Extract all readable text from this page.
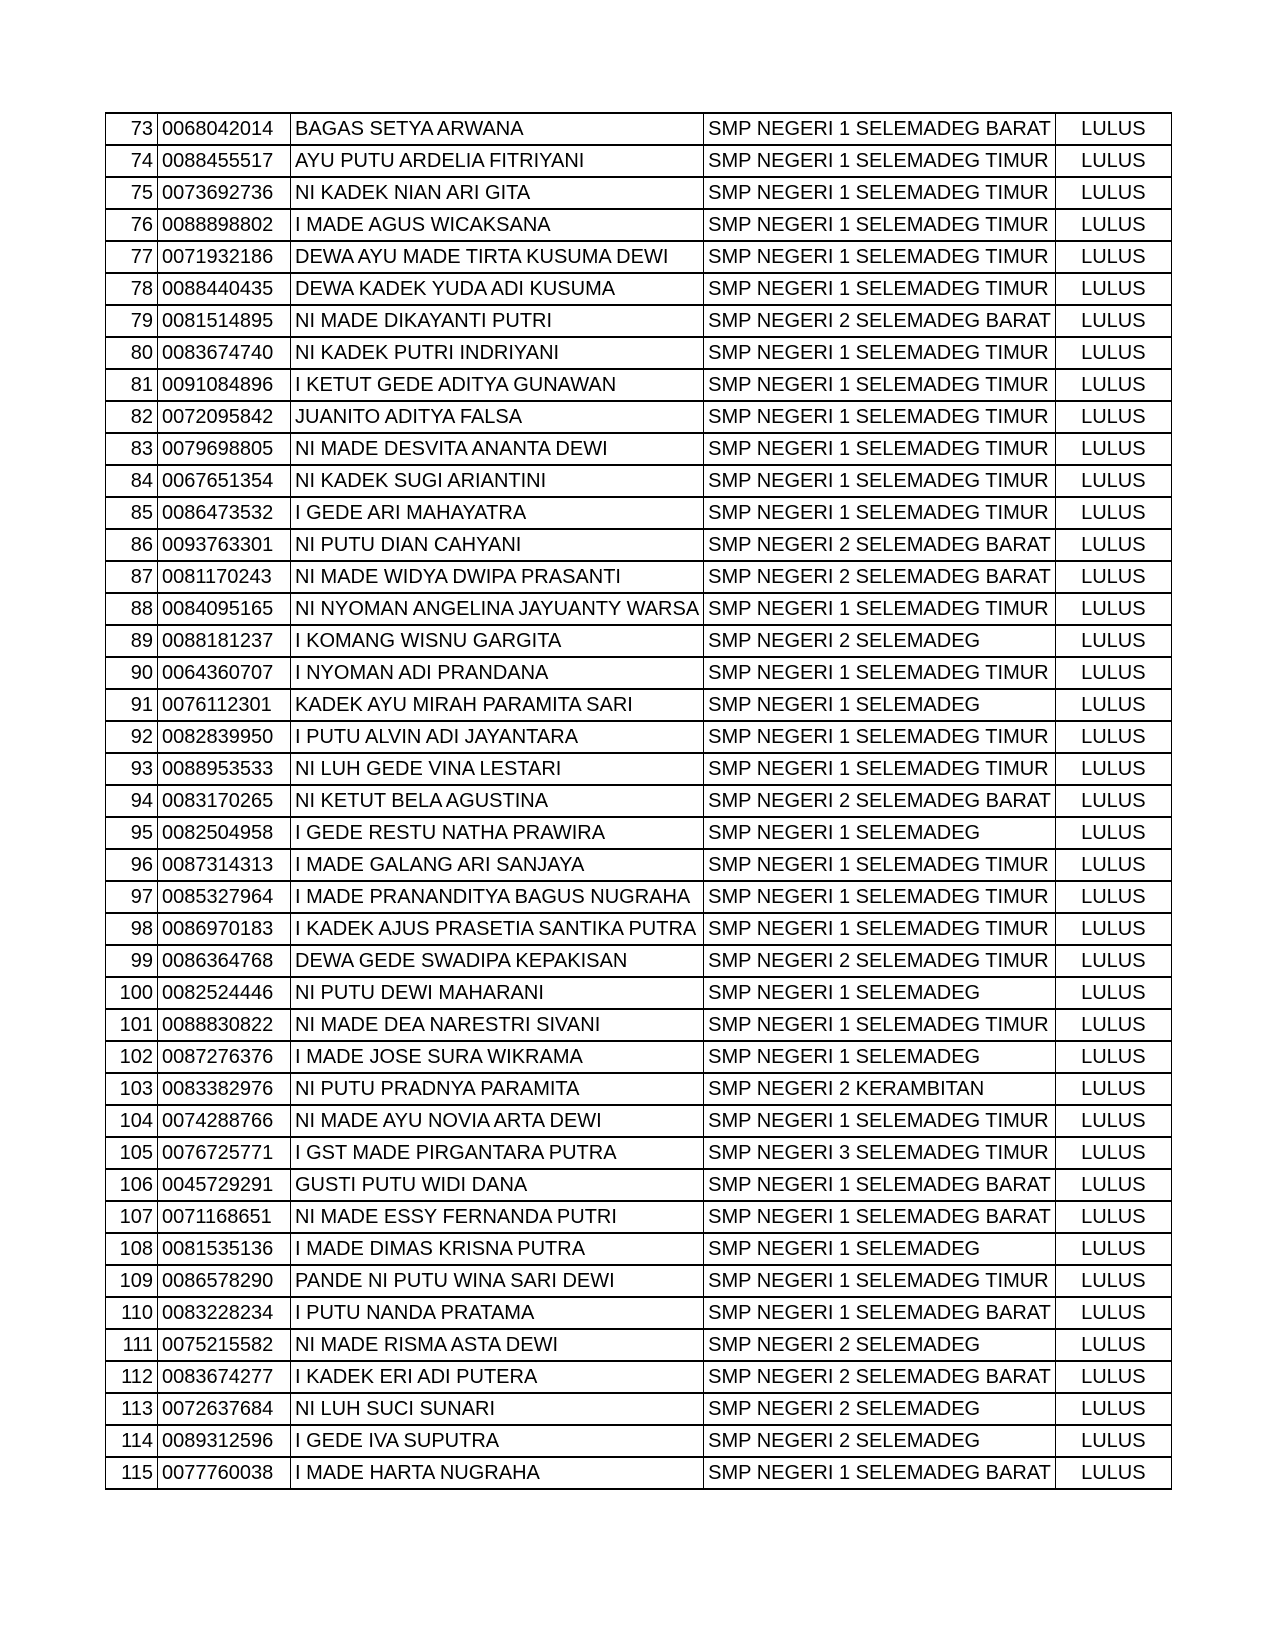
73	0068042014	BAGAS SETYA ARWANA	SMP NEGERI 1 SELEMADEG BARAT	LULUS
74	0088455517	AYU PUTU ARDELIA FITRIYANI	SMP NEGERI 1 SELEMADEG TIMUR	LULUS
75	0073692736	NI KADEK NIAN ARI GITA	SMP NEGERI 1 SELEMADEG TIMUR	LULUS
76	0088898802	I MADE AGUS WICAKSANA	SMP NEGERI 1 SELEMADEG TIMUR	LULUS
77	0071932186	DEWA AYU MADE TIRTA KUSUMA DEWI	SMP NEGERI 1 SELEMADEG TIMUR	LULUS
78	0088440435	DEWA KADEK YUDA ADI KUSUMA	SMP NEGERI 1 SELEMADEG TIMUR	LULUS
79	0081514895	NI MADE DIKAYANTI PUTRI	SMP NEGERI 2 SELEMADEG BARAT	LULUS
80	0083674740	NI KADEK PUTRI INDRIYANI	SMP NEGERI 1 SELEMADEG TIMUR	LULUS
81	0091084896	I KETUT GEDE ADITYA GUNAWAN	SMP NEGERI 1 SELEMADEG TIMUR	LULUS
82	0072095842	JUANITO ADITYA FALSA	SMP NEGERI 1 SELEMADEG TIMUR	LULUS
83	0079698805	NI MADE DESVITA ANANTA DEWI	SMP NEGERI 1 SELEMADEG TIMUR	LULUS
84	0067651354	NI KADEK SUGI ARIANTINI	SMP NEGERI 1 SELEMADEG TIMUR	LULUS
85	0086473532	I GEDE ARI MAHAYATRA	SMP NEGERI 1 SELEMADEG TIMUR	LULUS
86	0093763301	NI PUTU DIAN CAHYANI	SMP NEGERI 2 SELEMADEG BARAT	LULUS
87	0081170243	NI MADE WIDYA DWIPA PRASANTI	SMP NEGERI 2 SELEMADEG BARAT	LULUS
88	0084095165	NI NYOMAN ANGELINA JAYUANTY WARSA	SMP NEGERI 1 SELEMADEG TIMUR	LULUS
89	0088181237	I KOMANG WISNU GARGITA	SMP NEGERI 2 SELEMADEG	LULUS
90	0064360707	I NYOMAN ADI PRANDANA	SMP NEGERI 1 SELEMADEG TIMUR	LULUS
91	0076112301	KADEK AYU MIRAH PARAMITA SARI	SMP NEGERI 1 SELEMADEG	LULUS
92	0082839950	I PUTU ALVIN ADI JAYANTARA	SMP NEGERI 1 SELEMADEG TIMUR	LULUS
93	0088953533	NI LUH GEDE VINA LESTARI	SMP NEGERI 1 SELEMADEG TIMUR	LULUS
94	0083170265	NI KETUT BELA AGUSTINA	SMP NEGERI 2 SELEMADEG BARAT	LULUS
95	0082504958	I GEDE RESTU NATHA PRAWIRA	SMP NEGERI 1 SELEMADEG	LULUS
96	0087314313	I MADE GALANG ARI SANJAYA	SMP NEGERI 1 SELEMADEG TIMUR	LULUS
97	0085327964	I MADE PRANANDITYA BAGUS NUGRAHA	SMP NEGERI 1 SELEMADEG TIMUR	LULUS
98	0086970183	I KADEK AJUS PRASETIA SANTIKA PUTRA	SMP NEGERI 1 SELEMADEG TIMUR	LULUS
99	0086364768	DEWA GEDE SWADIPA KEPAKISAN	SMP NEGERI 2 SELEMADEG TIMUR	LULUS
100	0082524446	NI PUTU DEWI MAHARANI	SMP NEGERI 1 SELEMADEG	LULUS
101	0088830822	NI MADE DEA NARESTRI SIVANI	SMP NEGERI 1 SELEMADEG TIMUR	LULUS
102	0087276376	I MADE JOSE SURA WIKRAMA	SMP NEGERI 1 SELEMADEG	LULUS
103	0083382976	NI PUTU PRADNYA PARAMITA	SMP NEGERI 2 KERAMBITAN	LULUS
104	0074288766	NI MADE AYU NOVIA ARTA DEWI	SMP NEGERI 1 SELEMADEG TIMUR	LULUS
105	0076725771	I GST MADE PIRGANTARA PUTRA	SMP NEGERI 3 SELEMADEG TIMUR	LULUS
106	0045729291	GUSTI PUTU WIDI DANA	SMP NEGERI 1 SELEMADEG BARAT	LULUS
107	0071168651	NI MADE ESSY FERNANDA PUTRI	SMP NEGERI 1 SELEMADEG BARAT	LULUS
108	0081535136	I MADE DIMAS KRISNA PUTRA	SMP NEGERI 1 SELEMADEG	LULUS
109	0086578290	PANDE NI PUTU WINA SARI DEWI	SMP NEGERI 1 SELEMADEG TIMUR	LULUS
110	0083228234	I PUTU NANDA PRATAMA	SMP NEGERI 1 SELEMADEG BARAT	LULUS
111	0075215582	NI MADE RISMA ASTA DEWI	SMP NEGERI 2 SELEMADEG	LULUS
112	0083674277	I KADEK ERI ADI PUTERA	SMP NEGERI 2 SELEMADEG BARAT	LULUS
113	0072637684	NI LUH SUCI SUNARI	SMP NEGERI 2 SELEMADEG	LULUS
114	0089312596	I GEDE IVA SUPUTRA	SMP NEGERI 2 SELEMADEG	LULUS
115	0077760038	I MADE HARTA NUGRAHA	SMP NEGERI 1 SELEMADEG BARAT	LULUS
